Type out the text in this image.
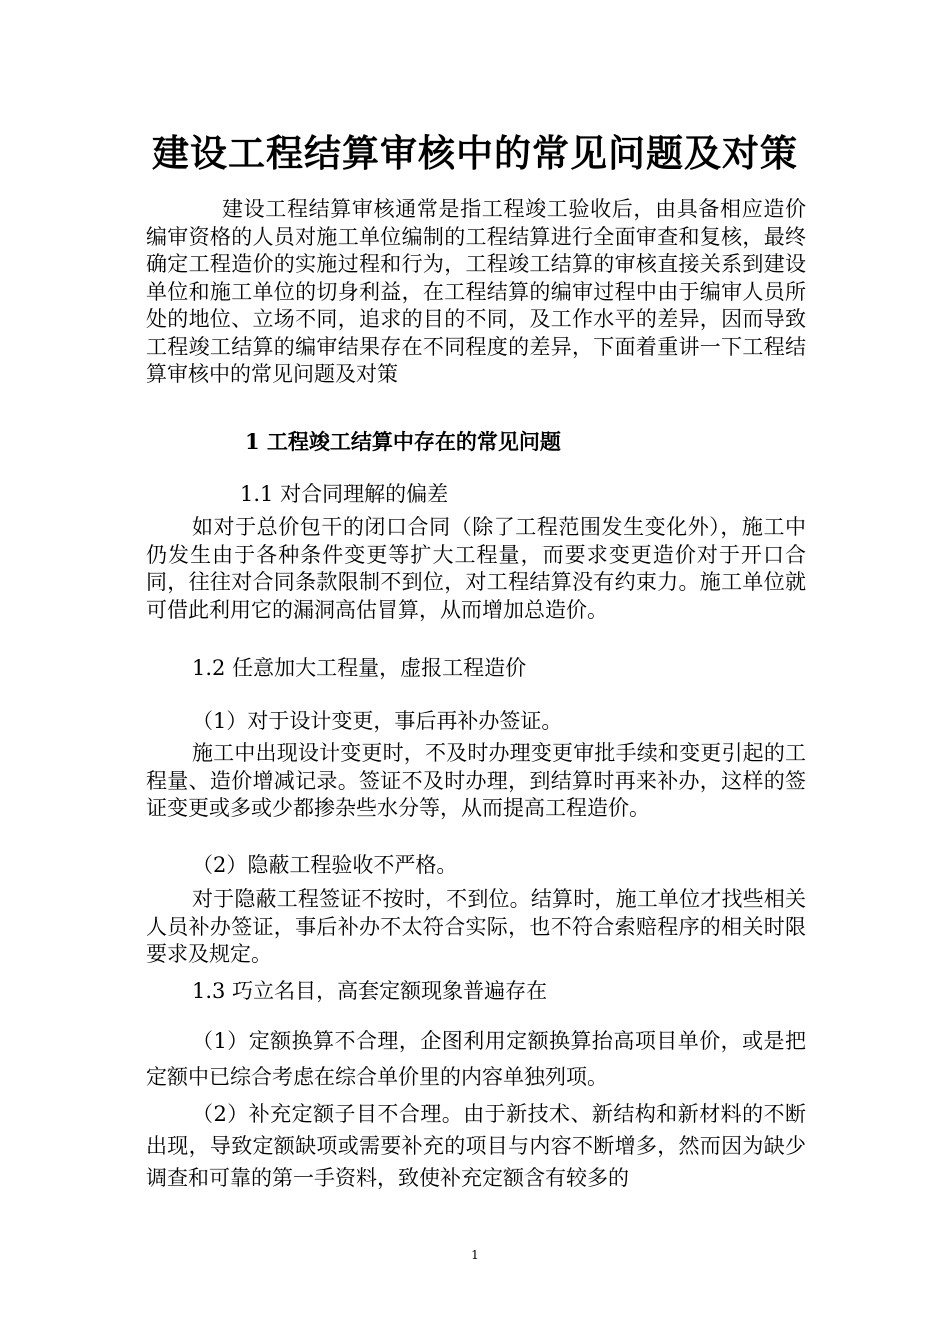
建设工程结算审核中的常见问题及对策
建设工程结算审核通常是指工程竣工验收后，由具备相应造价编审资格的人员对施工单位编制的工程结算进行全面审查和复核，最终确定工程造价的实施过程和行为，工程竣工结算的审核直接关系到建设单位和施工单位的切身利益，在工程结算的编审过程中由于编审人员所处的地位、立场不同，追求的目的不同，及工作水平的差异，因而导致工程竣工结算的编审结果存在不同程度的差异，下面着重讲一下工程结算审核中的常见问题及对策
1 工程竣工结算中存在的常见问题
1.1 对合同理解的偏差
如对于总价包干的闭口合同（除了工程范围发生变化外），施工中仍发生由于各种条件变更等扩大工程量，而要求变更造价对于开口合同，往往对合同条款限制不到位，对工程结算没有约束力。施工单位就可借此利用它的漏洞高估冒算，从而增加总造价。
1.2 任意加大工程量，虚报工程造价
（1）对于设计变更，事后再补办签证。
施工中出现设计变更时，不及时办理变更审批手续和变更引起的工程量、造价增减记录。签证不及时办理，到结算时再来补办，这样的签证变更或多或少都掺杂些水分等，从而提高工程造价。
（2）隐蔽工程验收不严格。
对于隐蔽工程签证不按时，不到位。结算时，施工单位才找些相关人员补办签证，事后补办不太符合实际，也不符合索赔程序的相关时限要求及规定。
1.3 巧立名目，高套定额现象普遍存在
（1）定额换算不合理，企图利用定额换算抬高项目单价，或是把定额中已综合考虑在综合单价里的内容单独列项。
（2）补充定额子目不合理。由于新技术、新结构和新材料的不断出现，导致定额缺项或需要补充的项目与内容不断增多，然而因为缺少调查和可靠的第一手资料，致使补充定额含有较多的
1
